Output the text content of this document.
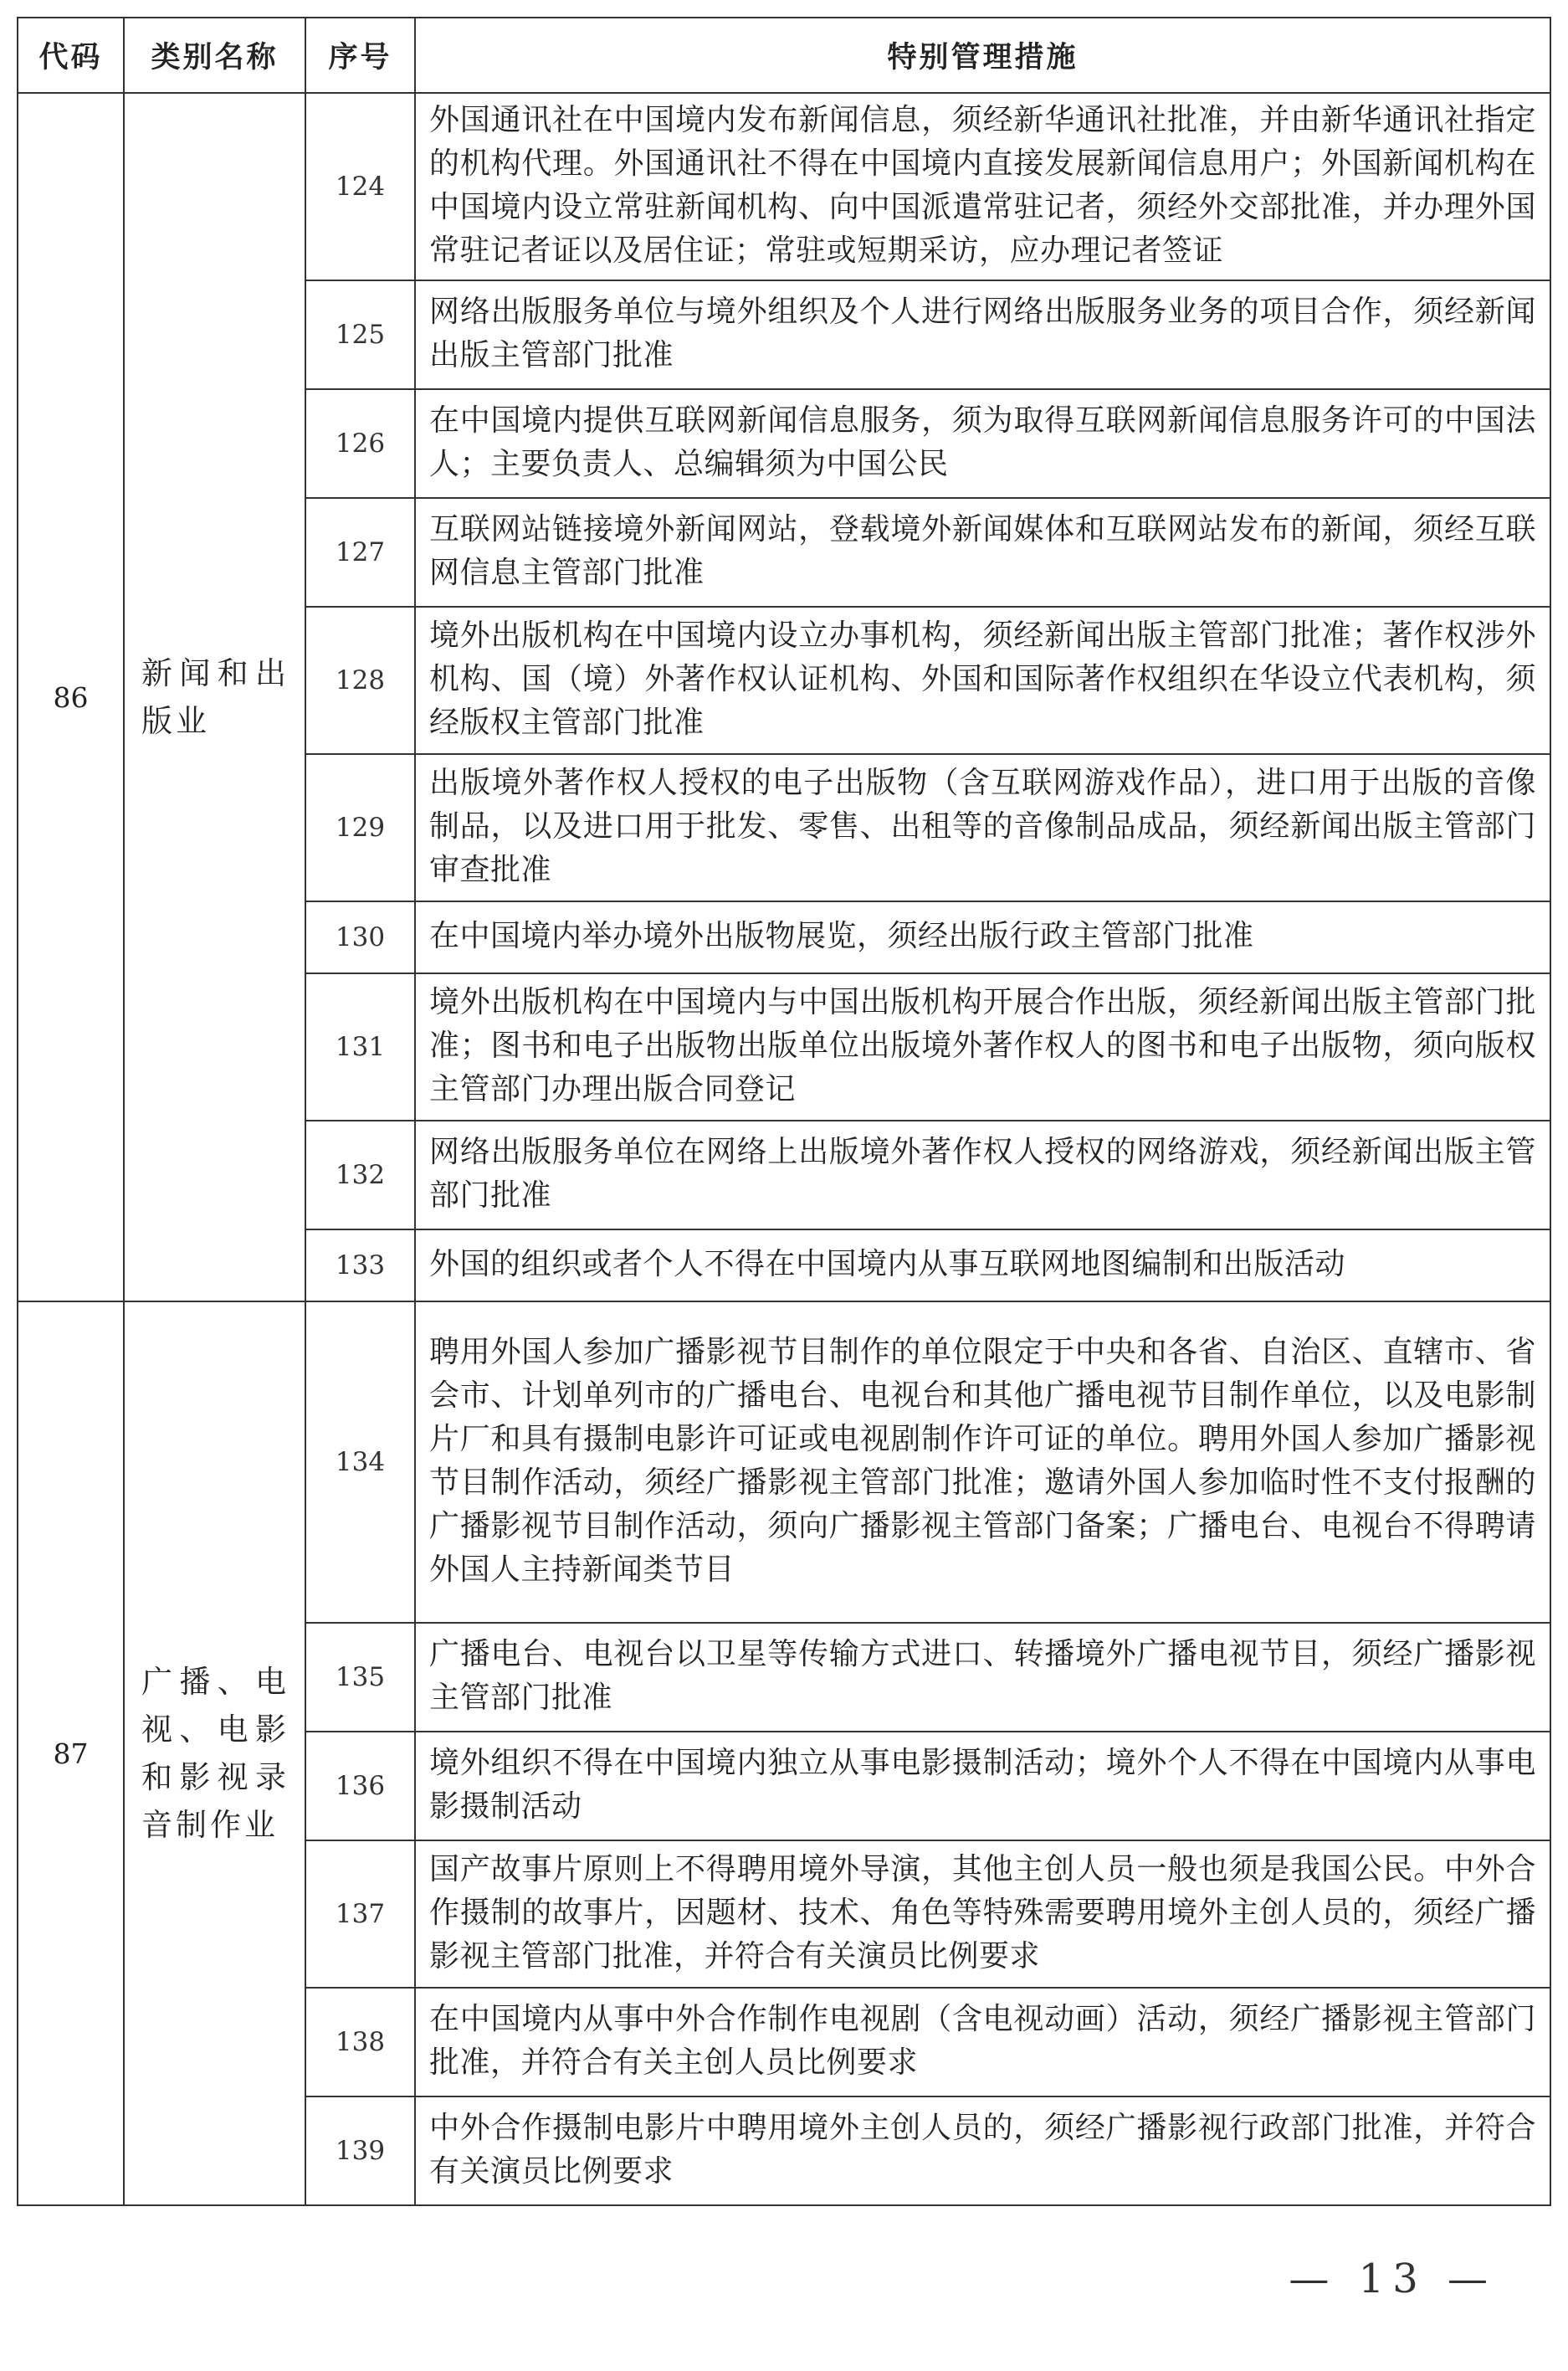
代码	类别名称	序号	特别管理措施
86	新闻和出版业	124	外国通讯社在中国境内发布新闻信息，须经新华通讯社批准，并由新华通讯社指定的机构代理。外国通讯社不得在中国境内直接发展新闻信息用户；外国新闻机构在中国境内设立常驻新闻机构、向中国派遣常驻记者，须经外交部批准，并办理外国常驻记者证以及居住证；常驻或短期采访，应办理记者签证
		125	网络出版服务单位与境外组织及个人进行网络出版服务业务的项目合作，须经新闻出版主管部门批准
		126	在中国境内提供互联网新闻信息服务，须为取得互联网新闻信息服务许可的中国法人；主要负责人、总编辑须为中国公民
		127	互联网站链接境外新闻网站，登载境外新闻媒体和互联网站发布的新闻，须经互联网信息主管部门批准
		128	境外出版机构在中国境内设立办事机构，须经新闻出版主管部门批准；著作权涉外机构、国（境）外著作权认证机构、外国和国际著作权组织在华设立代表机构，须经版权主管部门批准
		129	出版境外著作权人授权的电子出版物（含互联网游戏作品），进口用于出版的音像制品，以及进口用于批发、零售、出租等的音像制品成品，须经新闻出版主管部门审查批准
		130	在中国境内举办境外出版物展览，须经出版行政主管部门批准
		131	境外出版机构在中国境内与中国出版机构开展合作出版，须经新闻出版主管部门批准；图书和电子出版物出版单位出版境外著作权人的图书和电子出版物，须向版权主管部门办理出版合同登记
		132	网络出版服务单位在网络上出版境外著作权人授权的网络游戏，须经新闻出版主管部门批准
		133	外国的组织或者个人不得在中国境内从事互联网地图编制和出版活动
87	广播、电视、电影和影视录音制作业	134	聘用外国人参加广播影视节目制作的单位限定于中央和各省、自治区、直辖市、省会市、计划单列市的广播电台、电视台和其他广播电视节目制作单位，以及电影制片厂和具有摄制电影许可证或电视剧制作许可证的单位。聘用外国人参加广播影视节目制作活动，须经广播影视主管部门批准；邀请外国人参加临时性不支付报酬的广播影视节目制作活动，须向广播影视主管部门备案；广播电台、电视台不得聘请外国人主持新闻类节目
		135	广播电台、电视台以卫星等传输方式进口、转播境外广播电视节目，须经广播影视主管部门批准
		136	境外组织不得在中国境内独立从事电影摄制活动；境外个人不得在中国境内从事电影摄制活动
		137	国产故事片原则上不得聘用境外导演，其他主创人员一般也须是我国公民。中外合作摄制的故事片，因题材、技术、角色等特殊需要聘用境外主创人员的，须经广播影视主管部门批准，并符合有关演员比例要求
		138	在中国境内从事中外合作制作电视剧（含电视动画）活动，须经广播影视主管部门批准，并符合有关主创人员比例要求
		139	中外合作摄制电影片中聘用境外主创人员的，须经广播影视行政部门批准，并符合有关演员比例要求
— 13 —
